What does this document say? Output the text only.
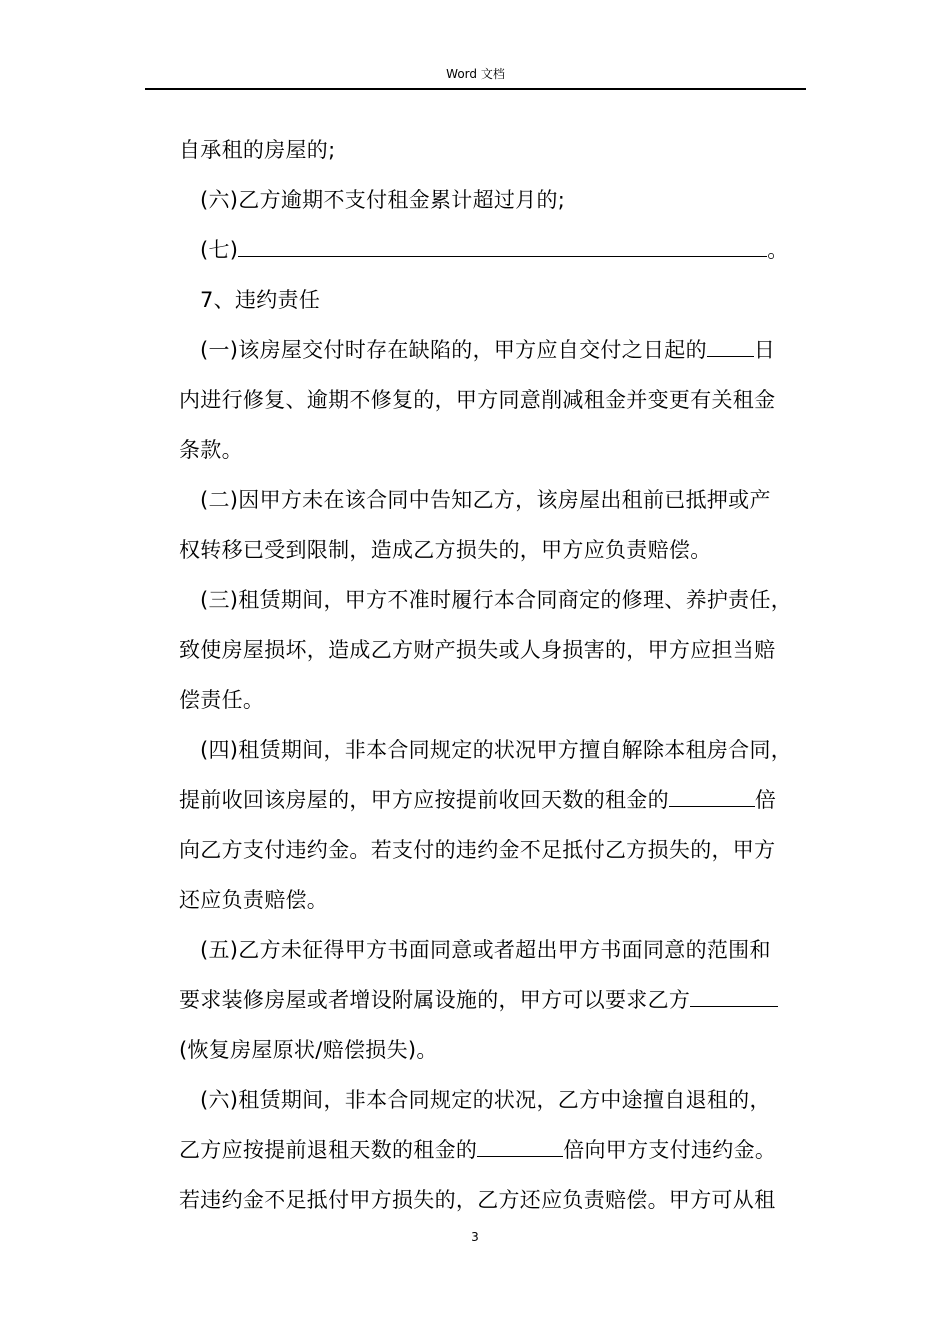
Word 文档

自承租的房屋的;

(六)乙方逾期不支付租金累计超过月的;

(七)	。

7、违约责任

(一)该房屋交付时存在缺陷的，甲方应自交付之日起的 日

内进行修复、逾期不修复的，甲方同意削减租金并变更有关租金

条款。

(二)因甲方未在该合同中告知乙方，该房屋出租前已抵押或产

权转移已受到限制，造成乙方损失的，甲方应负责赔偿。

(三)租赁期间，甲方不准时履行本合同商定的修理、养护责任，

致使房屋损坏，造成乙方财产损失或人身损害的，甲方应担当赔

偿责任。

(四)租赁期间，非本合同规定的状况甲方擅自解除本租房合同，

提前收回该房屋的，甲方应按提前收回天数的租金的	倍

向乙方支付违约金。若支付的违约金不足抵付乙方损失的，甲方

还应负责赔偿。

(五)乙方未征得甲方书面同意或者超出甲方书面同意的范围和

要求装修房屋或者增设附属设施的，甲方可以要求乙方

(恢复房屋原状/赔偿损失)。

(六)租赁期间，非本合同规定的状况，乙方中途擅自退租的，

乙方应按提前退租天数的租金的	倍向甲方支付违约金。

若违约金不足抵付甲方损失的，乙方还应负责赔偿。甲方可从租

3
